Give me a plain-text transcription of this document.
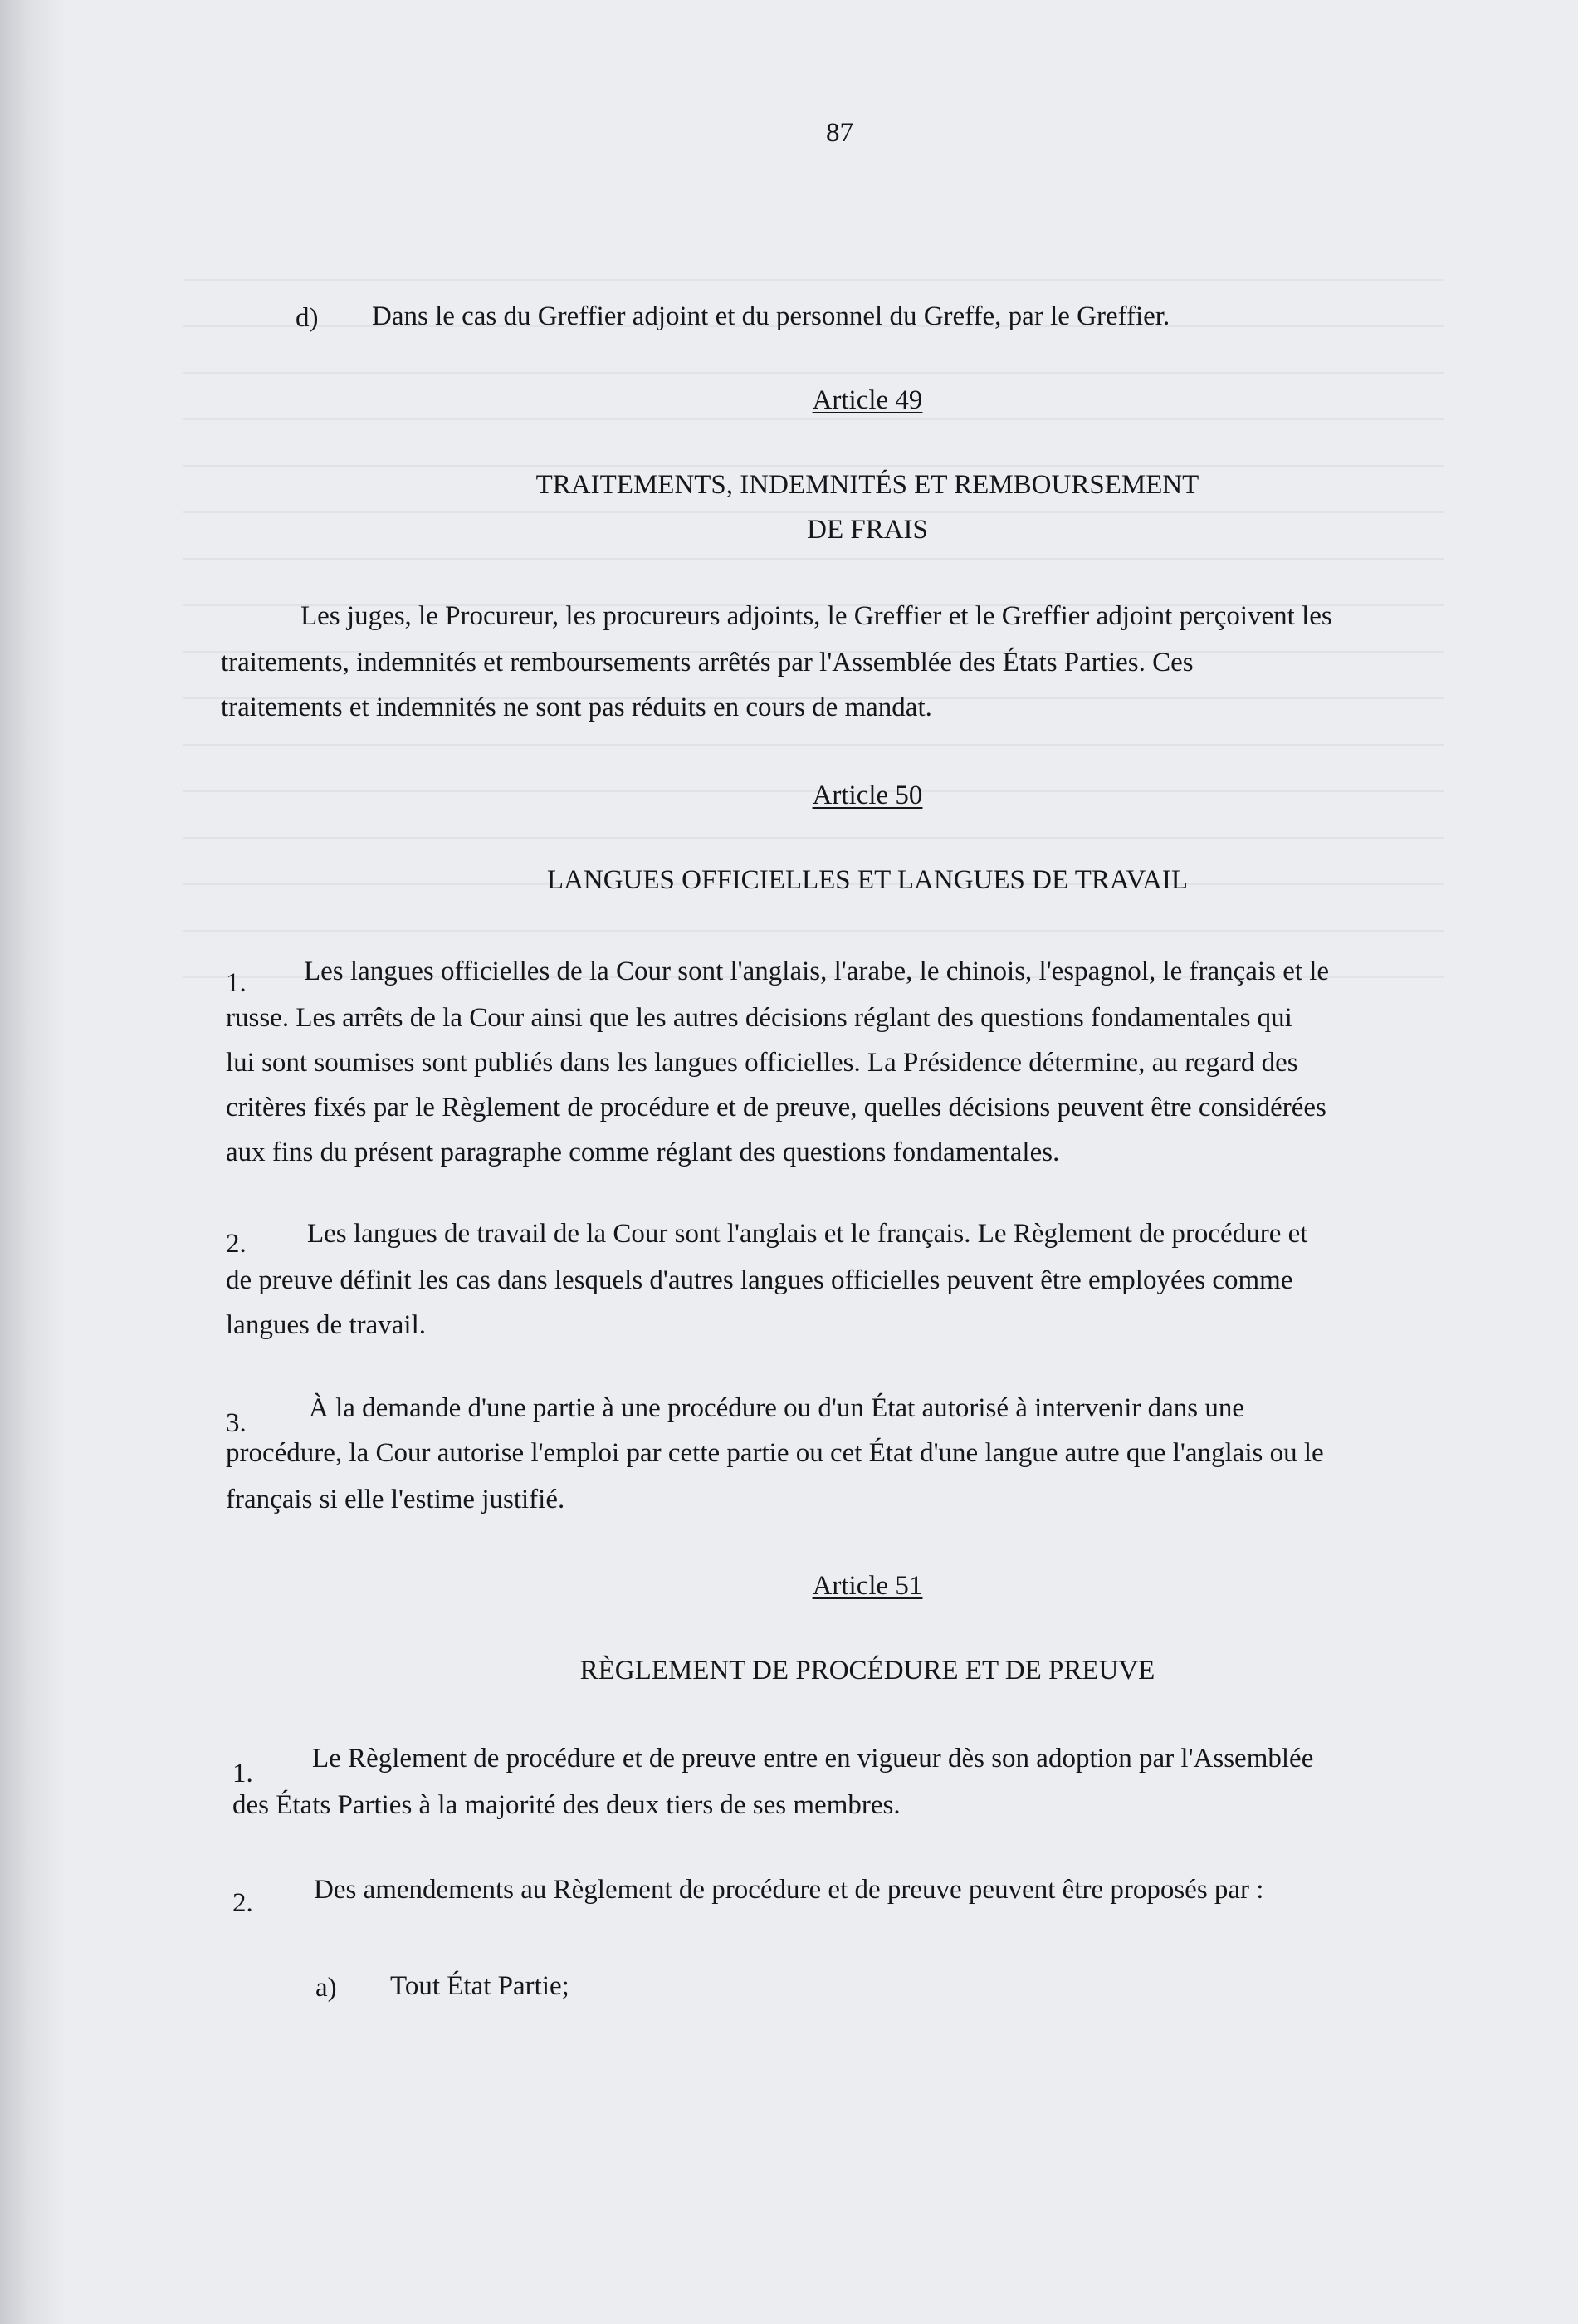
87

d) Dans le cas du Greffier adjoint et du personnel du Greffe, par le Greffier.

Article 49

TRAITEMENTS, INDEMNITÉS ET REMBOURSEMENT

DE FRAIS

Les juges, le Procureur, les procureurs adjoints, le Greffier et le Greffier adjoint perçoivent les

traitements, indemnités et remboursements arrêtés par l'Assemblée des États Parties. Ces

traitements et indemnités ne sont pas réduits en cours de mandat.

Article 50

LANGUES OFFICIELLES ET LANGUES DE TRAVAIL

1. Les langues officielles de la Cour sont l'anglais, l'arabe, le chinois, l'espagnol, le français et le

russe. Les arrêts de la Cour ainsi que les autres décisions réglant des questions fondamentales qui

lui sont soumises sont publiés dans les langues officielles. La Présidence détermine, au regard des

critères fixés par le Règlement de procédure et de preuve, quelles décisions peuvent être considérées

aux fins du présent paragraphe comme réglant des questions fondamentales.

2. Les langues de travail de la Cour sont l'anglais et le français. Le Règlement de procédure et

de preuve définit les cas dans lesquels d'autres langues officielles peuvent être employées comme

langues de travail.

3. À la demande d'une partie à une procédure ou d'un État autorisé à intervenir dans une

procédure, la Cour autorise l'emploi par cette partie ou cet État d'une langue autre que l'anglais ou le

français si elle l'estime justifié.

Article 51

RÈGLEMENT DE PROCÉDURE ET DE PREUVE

1. Le Règlement de procédure et de preuve entre en vigueur dès son adoption par l'Assemblée

des États Parties à la majorité des deux tiers de ses membres.

2. Des amendements au Règlement de procédure et de preuve peuvent être proposés par :

a) Tout État Partie;
